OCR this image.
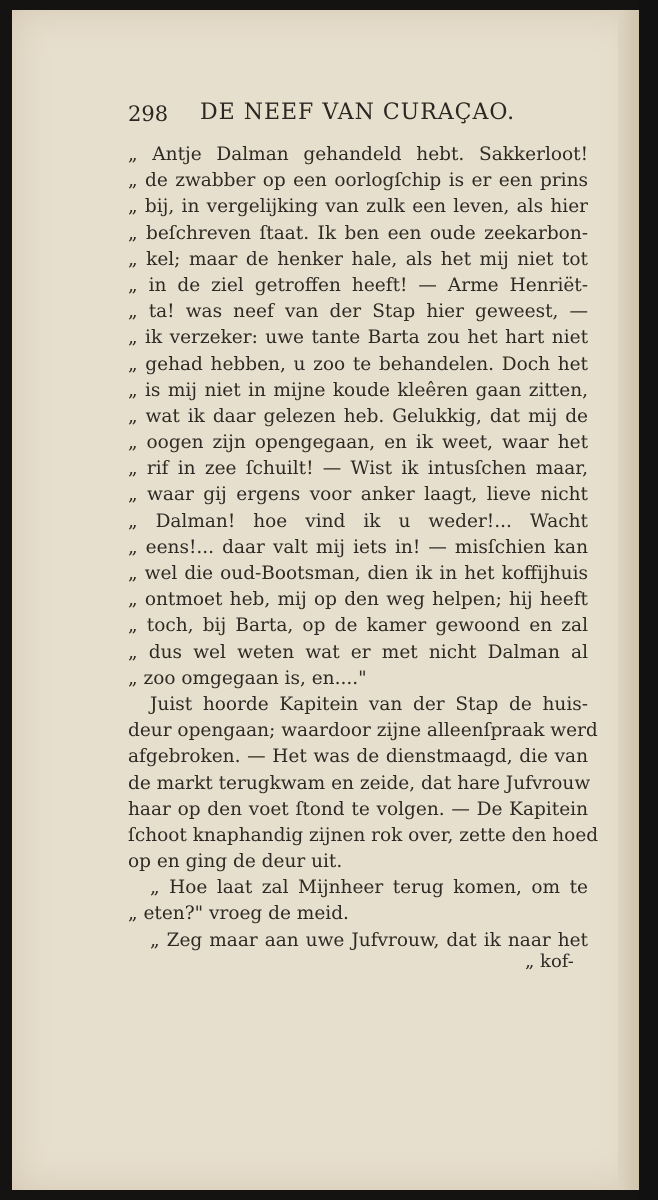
298 DE NEEF VAN CURAÇAO.
„ Antje Dalman gehandeld hebt. Sakkerloot!
„ de zwabber op een oorlogſchip is er een prins
„ bij, in vergelijking van zulk een leven, als hier
„ beſchreven ſtaat. Ik ben een oude zeekarbon-
„ kel; maar de henker hale, als het mij niet tot
„ in de ziel getroffen heeft! — Arme Henriët-
„ ta! was neef van der Stap hier geweest, —
„ ik verzeker: uwe tante Barta zou het hart niet
„ gehad hebben, u zoo te behandelen. Doch het
„ is mij niet in mijne koude kleêren gaan zitten,
„ wat ik daar gelezen heb. Gelukkig, dat mij de
„ oogen zijn opengegaan, en ik weet, waar het
„ rif in zee ſchuilt! — Wist ik intusſchen maar,
„ waar gij ergens voor anker laagt, lieve nicht
„ Dalman! hoe vind ik u weder!... Wacht
„ eens!... daar valt mij iets in! — misſchien kan
„ wel die oud-Bootsman, dien ik in het koffijhuis
„ ontmoet heb, mij op den weg helpen; hij heeft
„ toch, bij Barta, op de kamer gewoond en zal
„ dus wel weten wat er met nicht Dalman al
„ zoo omgegaan is, en...."
Juist hoorde Kapitein van der Stap de huis-
deur opengaan; waardoor zijne alleenſpraak werd
afgebroken. — Het was de dienstmaagd, die van
de markt terugkwam en zeide, dat hare Jufvrouw
haar op den voet ſtond te volgen. — De Kapitein
ſchoot knaphandig zijnen rok over, zette den hoed
op en ging de deur uit.
„ Hoe laat zal Mijnheer terug komen, om te
„ eten?" vroeg de meid.
„ Zeg maar aan uwe Jufvrouw, dat ik naar het
„ kof-
